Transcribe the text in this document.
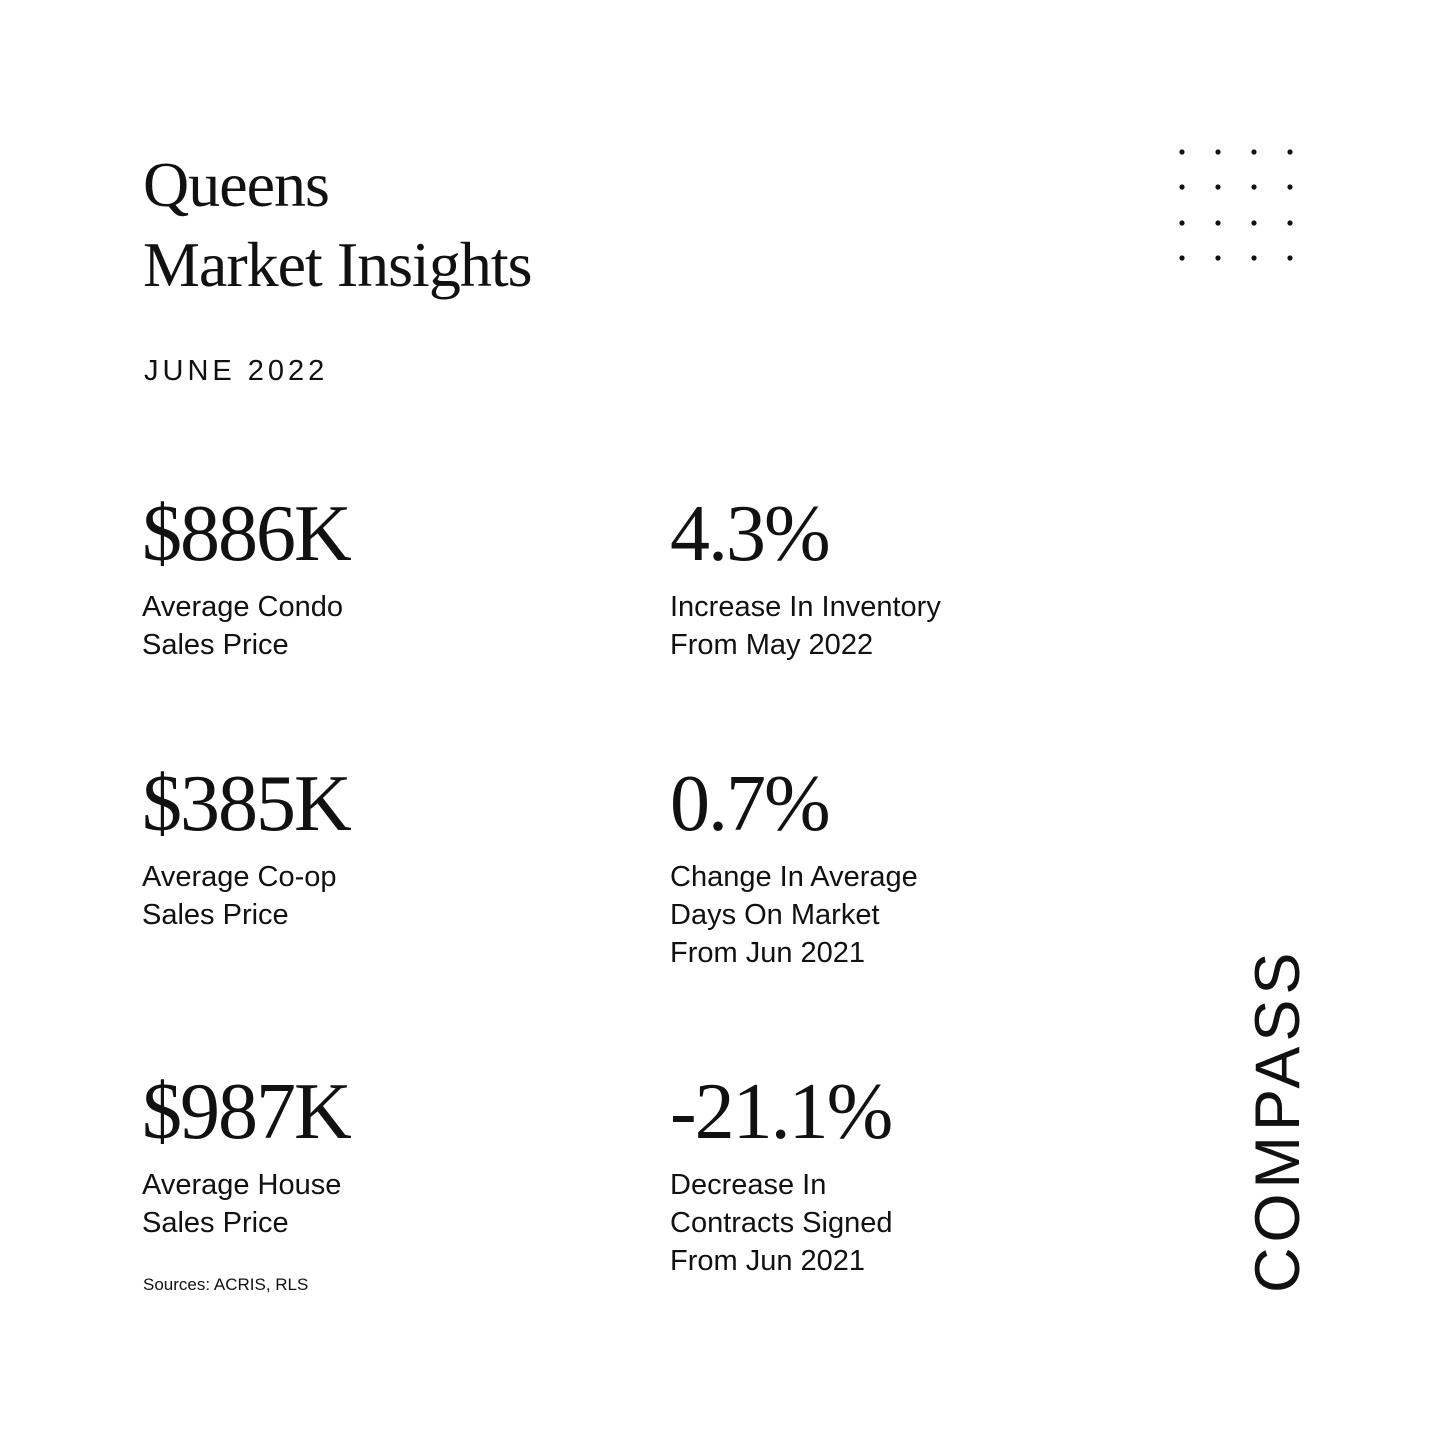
Queens
Market Insights
JUNE 2022
$886K
Average Condo
Sales Price
4.3%
Increase In Inventory
From May 2022
$385K
Average Co-op
Sales Price
0.7%
Change In Average
Days On Market
From Jun 2021
$987K
Average House
Sales Price
-21.1%
Decrease In
Contracts Signed
From Jun 2021
Sources: ACRIS, RLS	COMPASS
